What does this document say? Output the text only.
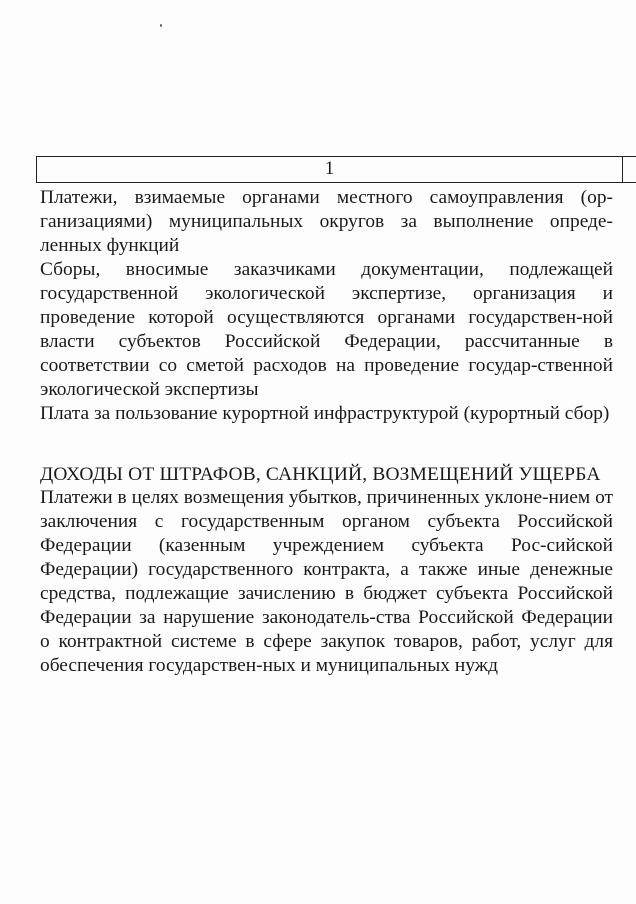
1

Платежи, взимаемые органами местного самоуправления (ор-ганизациями) муниципальных округов за выполнение опреде-ленных функций

Сборы, вносимые заказчиками документации, подлежащей государственной экологической экспертизе, организация и проведение которой осуществляются органами государствен-ной власти субъектов Российской Федерации, рассчитанные в соответствии со сметой расходов на проведение государ-ственной экологической экспертизы

Плата за пользование курортной инфраструктурой (курортный сбор)

ДОХОДЫ ОТ ШТРАФОВ, САНКЦИЙ, ВОЗМЕЩЕНИЙ УЩЕРБА

Платежи в целях возмещения убытков, причиненных уклоне-нием от заключения с государственным органом субъекта Российской Федерации (казенным учреждением субъекта Рос-сийской Федерации) государственного контракта, а также иные денежные средства, подлежащие зачислению в бюджет субъекта Российской Федерации за нарушение законодатель-ства Российской Федерации о контрактной системе в сфере закупок товаров, работ, услуг для обеспечения государствен-ных и муниципальных нужд
